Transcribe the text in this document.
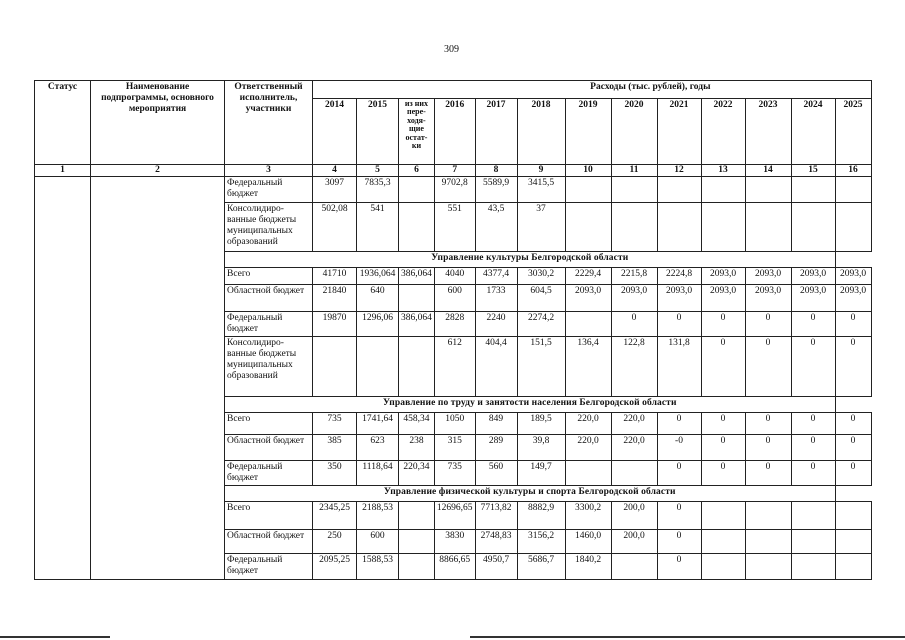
309
Статус	Наименование подпрограммы, основного мероприятия	Ответственный исполнитель, участники	Расходы (тыс. рублей), годы												
			2014	2015	из них пере-ходя-щие остат-ки	2016	2017	2018	2019	2020	2021	2022	2023	2024	2025
1	2	3	4	5	6	7	8	9	10	11	12	13	14	15	16
		Федеральный бюджет	3097	7835,3		9702,8	5589,9	3415,5							
		Консолидиро-ванные бюджеты муниципальных образований	502,08	541		551	43,5	37							
		Управление культуры Белгородской области													
		Всего	41710	1936,064	386,064	4040	4377,4	3030,2	2229,4	2215,8	2224,8	2093,0	2093,0	2093,0	2093,0
		Областной бюджет	21840	640		600	1733	604,5	2093,0	2093,0	2093,0	2093,0	2093,0	2093,0	2093,0
		Федеральный бюджет	19870	1296,06	386,064	2828	2240	2274,2		0	0	0	0	0	0
		Консолидиро-ванные бюджеты муниципальных образований				612	404,4	151,5	136,4	122,8	131,8	0	0	0	0
		Управление по труду и занятости населения Белгородской области													
		Всего	735	1741,64	458,34	1050	849	189,5	220,0	220,0	0	0	0	0	0
		Областной бюджет	385	623	238	315	289	39,8	220,0	220,0	-0	0	0	0	0
		Федеральный бюджет	350	1118,64	220,34	735	560	149,7			0	0	0	0	0
		Управление физической культуры и спорта Белгородской области													
		Всего	2345,25	2188,53		12696,65	7713,82	8882,9	3300,2	200,0	0				
		Областной бюджет	250	600		3830	2748,83	3156,2	1460,0	200,0	0				
		Федеральный бюджет	2095,25	1588,53		8866,65	4950,7	5686,7	1840,2		0				
